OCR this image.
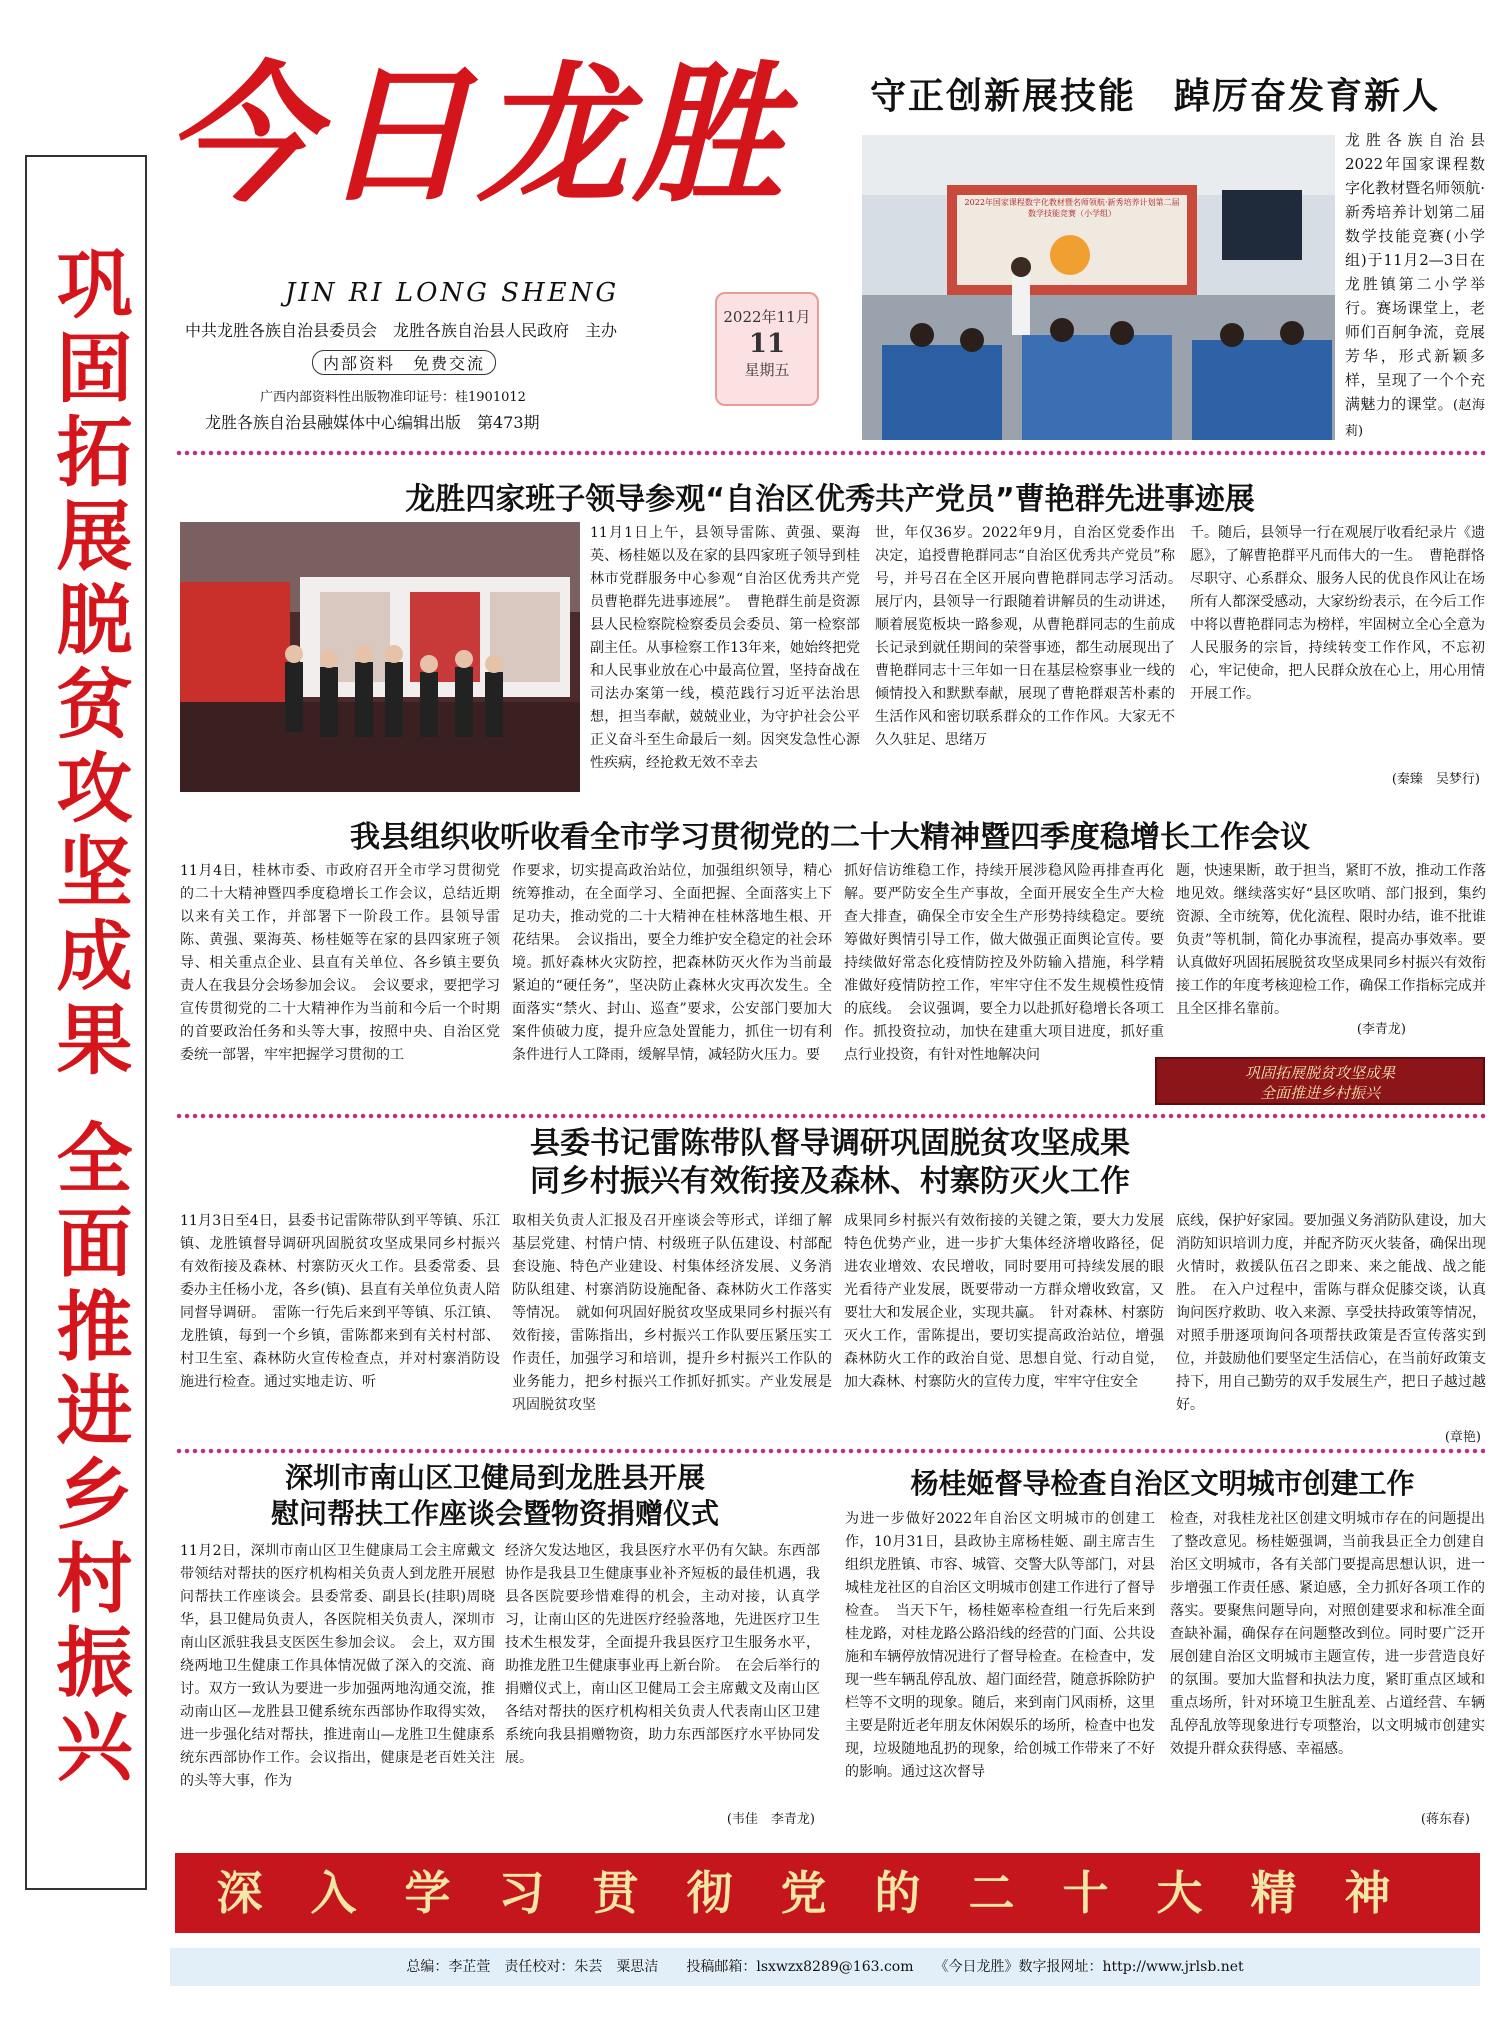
巩固拓展脱贫攻坚成果 全面推进乡村振兴
今日龙胜
JIN RI LONG SHENG
中共龙胜各族自治县委员会　龙胜各族自治县人民政府　主办
内部资料　免费交流
广西内部资料性出版物准印证号：桂1901012
龙胜各族自治县融媒体中心编辑出版　第473期
2022年11月
11
星期五
守正创新展技能　踔厉奋发育新人
2022年国家课程数字化教材暨名师领航·新秀培养计划第二届数学技能竞赛（小学组）
龙胜各族自治县2022年国家课程数字化教材暨名师领航·新秀培养计划第二届数学技能竞赛(小学组)于11月2—3日在龙胜镇第二小学举行。赛场课堂上，老师们百舸争流，竞展芳华，形式新颖多样，呈现了一个个充满魅力的课堂。(赵海莉)
龙胜四家班子领导参观“自治区优秀共产党员”曹艳群先进事迹展
11月1日上午，县领导雷陈、黄强、粟海英、杨桂姬以及在家的县四家班子领导到桂林市党群服务中心参观“自治区优秀共产党员曹艳群先进事迹展”。　曹艳群生前是资源县人民检察院检察委员会委员、第一检察部副主任。从事检察工作13年来，她始终把党和人民事业放在心中最高位置，坚持奋战在司法办案第一线，模范践行习近平法治思想，担当奉献，兢兢业业，为守护社会公平正义奋斗至生命最后一刻。因突发急性心源性疾病，经抢救无效不幸去
世，年仅36岁。2022年9月，自治区党委作出决定，追授曹艳群同志“自治区优秀共产党员”称号，并号召在全区开展向曹艳群同志学习活动。　展厅内，县领导一行跟随着讲解员的生动讲述，顺着展览板块一路参观，从曹艳群同志的生前成长记录到就任期间的荣誉事迹，都生动展现出了曹艳群同志十三年如一日在基层检察事业一线的倾情投入和默默奉献，展现了曹艳群艰苦朴素的生活作风和密切联系群众的工作作风。大家无不久久驻足、思绪万
千。随后，县领导一行在观展厅收看纪录片《遗愿》，了解曹艳群平凡而伟大的一生。　曹艳群恪尽职守、心系群众、服务人民的优良作风让在场所有人都深受感动，大家纷纷表示，在今后工作中将以曹艳群同志为榜样，牢固树立全心全意为人民服务的宗旨，持续转变工作作风，不忘初心，牢记使命，把人民群众放在心上，用心用情开展工作。
(秦臻　吴梦行)
我县组织收听收看全市学习贯彻党的二十大精神暨四季度稳增长工作会议
11月4日，桂林市委、市政府召开全市学习贯彻党的二十大精神暨四季度稳增长工作会议，总结近期以来有关工作，并部署下一阶段工作。县领导雷陈、黄强、粟海英、杨桂姬等在家的县四家班子领导、相关重点企业、县直有关单位、各乡镇主要负责人在我县分会场参加会议。　会议要求，要把学习宣传贯彻党的二十大精神作为当前和今后一个时期的首要政治任务和头等大事，按照中央、自治区党委统一部署，牢牢把握学习贯彻的工
作要求，切实提高政治站位，加强组织领导，精心统筹推动，在全面学习、全面把握、全面落实上下足功夫，推动党的二十大精神在桂林落地生根、开花结果。　会议指出，要全力维护安全稳定的社会环境。抓好森林火灾防控，把森林防灭火作为当前最紧迫的“硬任务”，坚决防止森林火灾再次发生。全面落实“禁火、封山、巡查”要求，公安部门要加大案件侦破力度，提升应急处置能力，抓住一切有利条件进行人工降雨，缓解旱情，减轻防火压力。要
抓好信访维稳工作，持续开展涉稳风险再排查再化解。要严防安全生产事故，全面开展安全生产大检查大排查，确保全市安全生产形势持续稳定。要统筹做好舆情引导工作，做大做强正面舆论宣传。要持续做好常态化疫情防控及外防输入措施，科学精准做好疫情防控工作，牢牢守住不发生规模性疫情的底线。　会议强调，要全力以赴抓好稳增长各项工作。抓投资拉动，加快在建重大项目进度，抓好重点行业投资，有针对性地解决问
题，快速果断，敢于担当，紧盯不放，推动工作落地见效。继续落实好“县区吹哨、部门报到，集约资源、全市统筹，优化流程、限时办结，谁不批谁负责”等机制，简化办事流程，提高办事效率。要认真做好巩固拓展脱贫攻坚成果同乡村振兴有效衔接工作的年度考核迎检工作，确保工作指标完成并且全区排名靠前。
(李青龙)
巩固拓展脱贫攻坚成果
全面推进乡村振兴
县委书记雷陈带队督导调研巩固脱贫攻坚成果
同乡村振兴有效衔接及森林、村寨防灭火工作
11月3日至4日，县委书记雷陈带队到平等镇、乐江镇、龙胜镇督导调研巩固脱贫攻坚成果同乡村振兴有效衔接及森林、村寨防灭火工作。县委常委、县委办主任杨小龙，各乡(镇)、县直有关单位负责人陪同督导调研。　雷陈一行先后来到平等镇、乐江镇、龙胜镇，每到一个乡镇，雷陈都来到有关村村部、村卫生室、森林防火宣传检查点，并对村寨消防设施进行检查。通过实地走访、听
取相关负责人汇报及召开座谈会等形式，详细了解基层党建、村情户情、村级班子队伍建设、村部配套设施、特色产业建设、村集体经济发展、义务消防队组建、村寨消防设施配备、森林防火工作落实等情况。　就如何巩固好脱贫攻坚成果同乡村振兴有效衔接，雷陈指出，乡村振兴工作队要压紧压实工作责任，加强学习和培训，提升乡村振兴工作队的业务能力，把乡村振兴工作抓好抓实。产业发展是巩固脱贫攻坚
成果同乡村振兴有效衔接的关键之策，要大力发展特色优势产业，进一步扩大集体经济增收路径，促进农业增效、农民增收，同时要用可持续发展的眼光看待产业发展，既要带动一方群众增收致富，又要壮大和发展企业，实现共赢。　针对森林、村寨防灭火工作，雷陈提出，要切实提高政治站位，增强森林防火工作的政治自觉、思想自觉、行动自觉，加大森林、村寨防火的宣传力度，牢牢守住安全
底线，保护好家园。要加强义务消防队建设，加大消防知识培训力度，并配齐防灭火装备，确保出现火情时，救援队伍召之即来、来之能战、战之能胜。　在入户过程中，雷陈与群众促膝交谈，认真询问医疗救助、收入来源、享受扶持政策等情况，对照手册逐项询问各项帮扶政策是否宣传落实到位，并鼓励他们要坚定生活信心，在当前好政策支持下，用自己勤劳的双手发展生产，把日子越过越好。
(章艳)
深圳市南山区卫健局到龙胜县开展
慰问帮扶工作座谈会暨物资捐赠仪式
11月2日，深圳市南山区卫生健康局工会主席戴文带领结对帮扶的医疗机构相关负责人到龙胜开展慰问帮扶工作座谈会。县委常委、副县长(挂职)周晓华，县卫健局负责人，各医院相关负责人，深圳市南山区派驻我县支医医生参加会议。　会上，双方围绕两地卫生健康工作具体情况做了深入的交流、商讨。双方一致认为要进一步加强两地沟通交流，推动南山区—龙胜县卫健系统东西部协作取得实效，进一步强化结对帮扶，推进南山—龙胜卫生健康系统东西部协作工作。会议指出，健康是老百姓关注的头等大事，作为
经济欠发达地区，我县医疗水平仍有欠缺。东西部协作是我县卫生健康事业补齐短板的最佳机遇，我县各医院要珍惜难得的机会，主动对接，认真学习，让南山区的先进医疗经验落地，先进医疗卫生技术生根发芽，全面提升我县医疗卫生服务水平，助推龙胜卫生健康事业再上新台阶。　在会后举行的捐赠仪式上，南山区卫健局工会主席戴文及南山区各结对帮扶的医疗机构相关负责人代表南山区卫建系统向我县捐赠物资，助力东西部医疗水平协同发展。
(韦佳　李青龙)
杨桂姬督导检查自治区文明城市创建工作
为进一步做好2022年自治区文明城市的创建工作，10月31日，县政协主席杨桂姬、副主席吉生组织龙胜镇、市容、城管、交警大队等部门，对县城桂龙社区的自治区文明城市创建工作进行了督导检查。　当天下午，杨桂姬率检查组一行先后来到桂龙路，对桂龙路公路沿线的经营的门面、公共设施和车辆停放情况进行了督导检查。在检查中，发现一些车辆乱停乱放、超门面经营，随意拆除防护栏等不文明的现象。随后，来到南门风雨桥，这里主要是附近老年朋友休闲娱乐的场所，检查中也发现，垃圾随地乱扔的现象，给创城工作带来了不好的影响。通过这次督导
检查，对我桂龙社区创建文明城市存在的问题提出了整改意见。杨桂姬强调，当前我县正全力创建自治区文明城市，各有关部门要提高思想认识，进一步增强工作责任感、紧迫感，全力抓好各项工作的落实。要聚焦问题导向，对照创建要求和标准全面查缺补漏，确保存在问题整改到位。同时要广泛开展创建自治区文明城市主题宣传，进一步营造良好的氛围。要加大监督和执法力度，紧盯重点区域和重点场所，针对环境卫生脏乱差、占道经营、车辆乱停乱放等现象进行专项整治，以文明城市创建实效提升群众获得感、幸福感。
(蒋东春)
深入学习贯彻党的二十大精神
总编：李芷萱　责任校对：朱芸　粟思洁　　投稿邮箱：lsxwzx8289@163.com　　《今日龙胜》数字报网址：http://www.jrlsb.net
